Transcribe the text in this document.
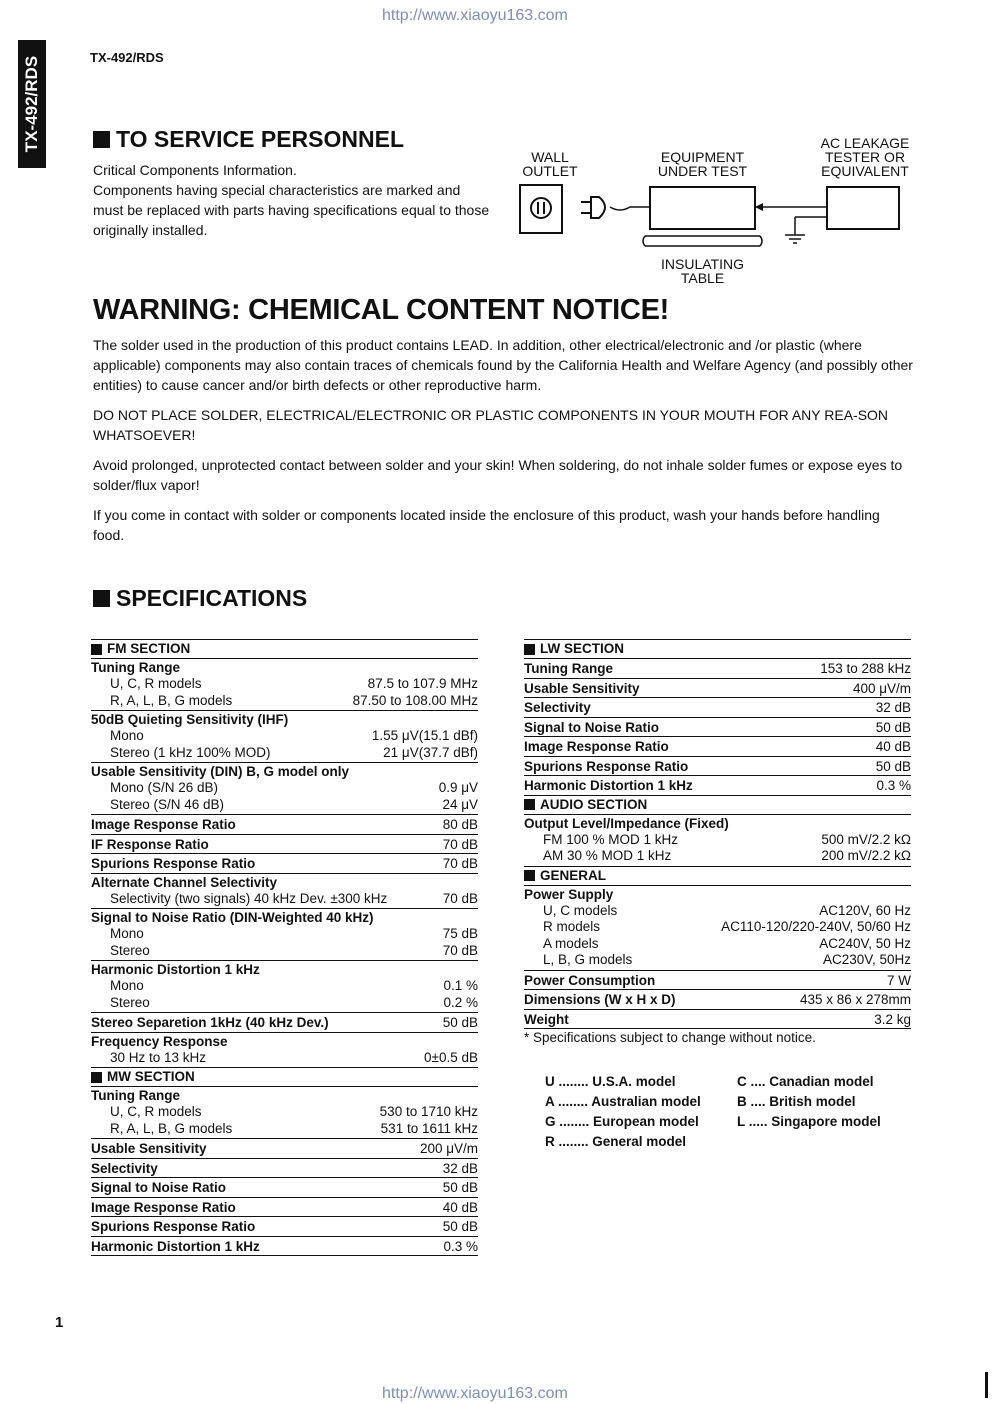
http://www.xiaoyu163.com
http://www.xiaoyu163.com
TX-492/RDS	TX-492/RDS
TO SERVICE PERSONNEL
Critical Components Information.
Components having special characteristics are marked and must be replaced with parts having specifications equal to those originally installed.
WALL
OUTLET
EQUIPMENT
UNDER TEST
AC LEAKAGE
TESTER OR
EQUIVALENT
INSULATING
TABLE
WARNING: CHEMICAL CONTENT NOTICE!

The solder used in the production of this product contains LEAD. In addition, other electrical/electronic and /or plastic (where applicable) components may also contain traces of chemicals found by the California Health and Welfare Agency (and possibly other entities) to cause cancer and/or birth defects or other reproductive harm.

DO NOT PLACE SOLDER, ELECTRICAL/ELECTRONIC OR PLASTIC COMPONENTS IN YOUR MOUTH FOR ANY REA-SON WHATSOEVER!

Avoid prolonged, unprotected contact between solder and your skin! When soldering, do not inhale solder fumes or expose eyes to solder/flux vapor!

If you come in contact with solder or components located inside the enclosure of this product, wash your hands before handling food.

SPECIFICATIONS
FM SECTION
Tuning Range
U, C, R models	87.5 to 107.9 MHz
R, A, L, B, G models	87.50 to 108.00 MHz
50dB Quieting Sensitivity (IHF)
Mono	1.55 μV(15.1 dBf)
Stereo (1 kHz 100% MOD)	21 μV(37.7 dBf)
Usable Sensitivity (DIN) B, G model only
Mono (S/N 26 dB)	0.9 μV
Stereo (S/N 46 dB)	24 μV
Image Response Ratio	80 dB
IF Response Ratio	70 dB
Spurions Response Ratio	70 dB
Alternate Channel Selectivity
Selectivity (two signals) 40 kHz Dev. ±300 kHz	70 dB
Signal to Noise Ratio (DIN-Weighted 40 kHz)
Mono	75 dB
Stereo	70 dB
Harmonic Distortion 1 kHz
Mono	0.1 %
Stereo	0.2 %
Stereo Separetion 1kHz (40 kHz Dev.)	50 dB
Frequency Response
30 Hz to 13 kHz	0±0.5 dB
MW SECTION
Tuning Range
U, C, R models	530 to 1710 kHz
R, A, L, B, G models	531 to 1611 kHz
Usable Sensitivity	200 μV/m
Selectivity	32 dB
Signal to Noise Ratio	50 dB
Image Response Ratio	40 dB
Spurions Response Ratio	50 dB
Harmonic Distortion 1 kHz	0.3 %
LW SECTION
Tuning Range	153 to 288 kHz
Usable Sensitivity	400 μV/m
Selectivity	32 dB
Signal to Noise Ratio	50 dB
Image Response Ratio	40 dB
Spurions Response Ratio	50 dB
Harmonic Distortion 1 kHz	0.3 %
AUDIO SECTION
Output Level/Impedance (Fixed)
FM 100 % MOD 1 kHz	500 mV/2.2 kΩ
AM 30 % MOD 1 kHz	200 mV/2.2 kΩ
GENERAL
Power Supply
U, C models	AC120V, 60 Hz
R models	AC110-120/220-240V, 50/60 Hz
A models	AC240V, 50 Hz
L, B, G models	AC230V, 50Hz
Power Consumption	7 W
Dimensions (W x H x D)	435 x 86 x 278mm
Weight	3.2 kg
* Specifications subject to change without notice.
U ........ U.S.A. model	C .... Canadian model
A ........ Australian model	B .... British model
G ........ European model	L ..... Singapore model
R ........ General model
1
